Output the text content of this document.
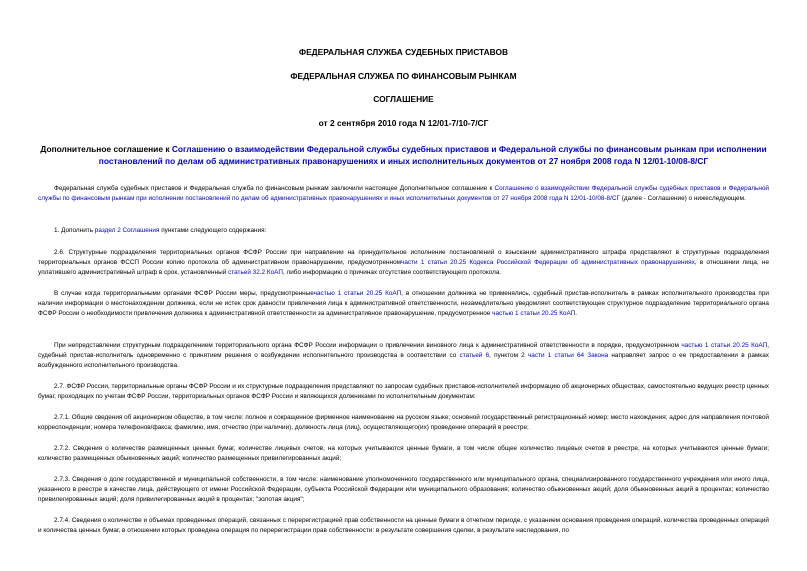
ФЕДЕРАЛЬНАЯ СЛУЖБА СУДЕБНЫХ ПРИСТАВОВ

ФЕДЕРАЛЬНАЯ СЛУЖБА ПО ФИНАНСОВЫМ РЫНКАМ

СОГЛАШЕНИЕ

от 2 сентября 2010 года N 12/01-7/10-7/СГ

Дополнительное соглашение к Соглашению о взаимодействии Федеральной службы судебных приставов и Федеральной службы по финансовым рынкам при исполнении постановлений по делам об административных правонарушениях и иных исполнительных документов от 27 ноября 2008 года N 12/01-10/08-8/СГ

Федеральная служба судебных приставов и Федеральная служба по финансовым рынкам заключили настоящее Дополнительное соглашение к Соглашению о взаимодействии Федеральной службы судебных приставов и Федеральной службы по финансовым рынкам при исполнении постановлений по делам об административных правонарушениях и иных исполнительных документов от 27 ноября 2008 года N 12/01-10/08-8/СГ (далее - Соглашение) о нижеследующем.

1. Дополнить раздел 2 Соглашения пунктами следующего содержания:

2.6. Структурные подразделения территориальных органов ФСФР России при направлении на принудительное исполнение постановлений о взыскании административного штрафа представляют в структурные подразделения территориальных органов ФССП России копию протокола об административном правонарушении, предусмотренномчасти 1 статьи 20.25 Кодекса Российской Федерации об административных правонарушениях, в отношении лица, не уплатившего административный штраф в срок, установленный статьей 32.2 КоАП, либо информацию о причинах отсутствия соответствующего протокола.

В случае когда территориальными органами ФСФР России меры, предусмотренныечастью 1 статьи 20.25 КоАП, в отношении должника не применялись, судебный пристав-исполнитель в рамках исполнительного производства при наличии информации о местонахождении должника, если не истек срок давности привлечения лица к административной ответственности, незамедлительно уведомляет соответствующее структурное подразделение территориального органа ФСФР России о необходимости привлечения должника к административной ответственности за административное правонарушение, предусмотренное частью 1 статьи 20.25 КоАП.

При непредставлении структурным подразделением территориального органа ФСФР России информации о привлечении виновного лица к административной ответственности в порядке, предусмотренном частью 1 статьи 20.25 КоАП, судебный пристав-исполнитель одновременно с принятием решения о возбуждении исполнительного производства в соответствии со статьей 6, пунктом 2 части 1 статьи 64 Закона направляет запрос о ее предоставлении в рамках возбужденного исполнительного производства.

2.7. ФСФР России, территориальные органы ФСФР России и их структурные подразделения представляют по запросам судебных приставов-исполнителей информацию об акционерных обществах, самостоятельно ведущих реестр ценных бумаг, проходящих по учетам ФСФР России, территориальных органов ФСФР России и являющихся должниками по исполнительным документам:

2.7.1. Общие сведения об акционерном обществе, в том числе: полное и сокращенное фирменное наименование на русском языке; основной государственный регистрационный номер; место нахождения; адрес для направления почтовой корреспонденции; номера телефонов/факса; фамилию, имя, отчество (при наличии), должность лица (лиц), осуществляющего(их) проведение операций в реестре;

2.7.2. Сведения о количестве размещенных ценных бумаг, количестве лицевых счетов, на которых учитываются ценные бумаги, в том числе общее количество лицевых счетов в реестре, на которых учитываются ценные бумаги; количество размещенных обыкновенных акций; количество размещенных привилегированных акций;

2.7.3. Сведения о доле государственной и муниципальной собственности, в том числе: наименование уполномоченного государственного или муниципального органа, специализированного государственного учреждения или иного лица, указанного в реестре в качестве лица, действующего от имени Российской Федерации, субъекта Российской Федерации или муниципального образования; количество обыкновенных акций; доля обыкновенных акций в процентах; количество привилегированных акций; доля привилегированных акций в процентах; "золотая акция";

2.7.4. Сведения о количестве и объемах проведенных операций, связанных с перерегистрацией прав собственности на ценные бумаги в отчетном периоде, с указанием основания проведения операций, количества проведенных операций и количества ценных бумаг, в отношении которых проведена операция по перерегистрации прав собственности: в результате совершения сделки, в результате наследования, по
